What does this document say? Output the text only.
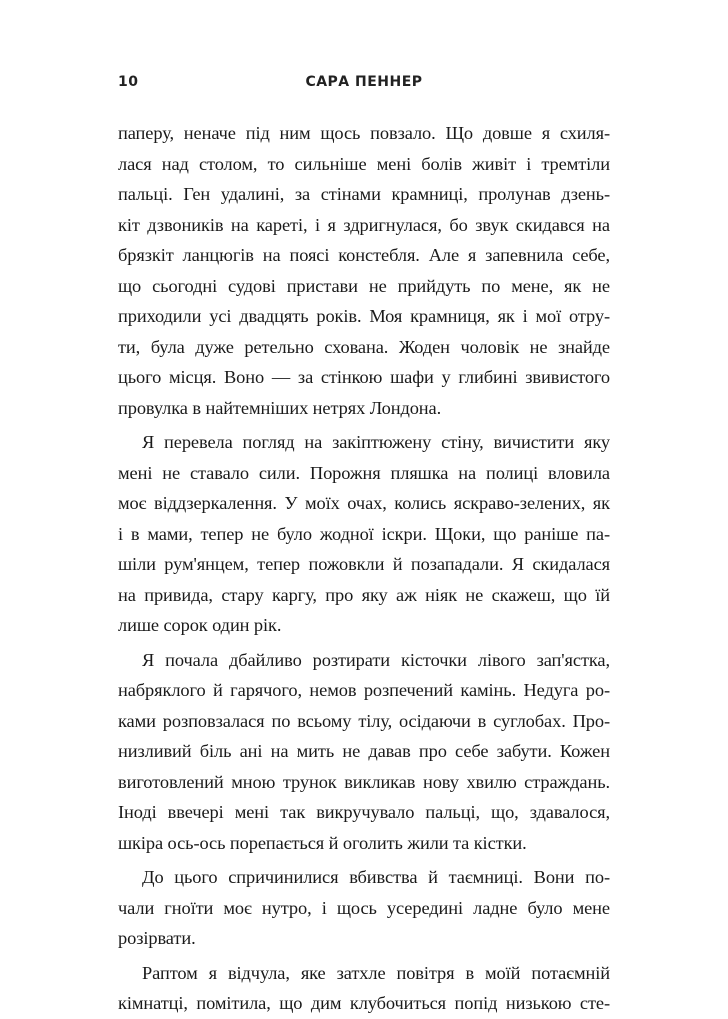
10	САРА ПЕННЕР

паперу, неначе під ним щось повзало. Що довше я схиля-
лася над столом, то сильніше мені болів живіт і тремтіли
пальці. Ген удалині, за стінами крамниці, пролунав дзень-
кіт дзвоників на кареті, і я здригнулася, бо звук скидався на
брязкіт ланцюгів на поясі констебля. Але я запевнила себе,
що сьогодні судові пристави не прийдуть по мене, як не
приходили усі двадцять років. Моя крамниця, як і мої отру-
ти, була дуже ретельно схована. Жоден чоловік не знайде
цього місця. Воно — за стінкою шафи у глибині звивистого
провулка в найтемніших нетрях Лондона.

Я перевела погляд на закіптюжену стіну, вичистити яку
мені не ставало сили. Порожня пляшка на полиці вловила
моє віддзеркалення. У моїх очах, колись яскраво-зелених, як
і в мами, тепер не було жодної іскри. Щоки, що раніше па-
шіли рум'янцем, тепер пожовкли й позападали. Я скидалася
на привида, стару каргу, про яку аж ніяк не скажеш, що їй
лише сорок один рік.

Я почала дбайливо розтирати кісточки лівого зап'ястка,
набряклого й гарячого, немов розпечений камінь. Недуга ро-
ками розповзалася по всьому тілу, осідаючи в суглобах. Про-
низливий біль ані на мить не давав про себе забути. Кожен
виготовлений мною трунок викликав нову хвилю страждань.
Іноді ввечері мені так викручувало пальці, що, здавалося,
шкіра ось-ось порепається й оголить жили та кістки.

До цього спричинилися вбивства й таємниці. Вони по-
чали гноїти моє нутро, і щось усередині ладне було мене
розірвати.

Раптом я відчула, яке затхле повітря в моїй потаємній
кімнатці, помітила, що дим клубочиться попід низькою сте-
